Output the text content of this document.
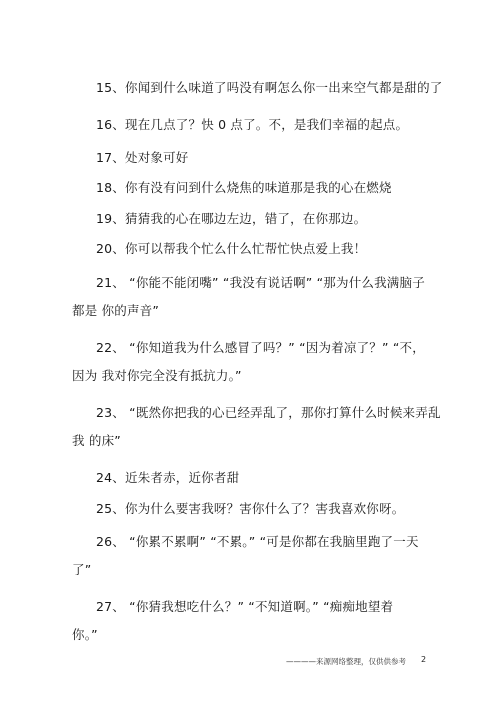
15、你闻到什么味道了吗没有啊怎么你一出来空气都是甜的了
16、现在几点了？快 0 点了。不，是我们幸福的起点。
17、处对象可好
18、你有没有问到什么烧焦的味道那是我的心在燃烧
19、猜猜我的心在哪边左边，错了，在你那边。
20、你可以帮我个忙么什么忙帮忙快点爱上我！
21、 “你能不能闭嘴” “我没有说话啊” “那为什么我满脑子
都是 你的声音”
22、 “你知道我为什么感冒了吗？” “因为着凉了？” “不，
因为 我对你完全没有抵抗力。”
23、 “既然你把我的心已经弄乱了，那你打算什么时候来弄乱
我 的床”
24、近朱者赤，近你者甜
25、你为什么要害我呀？害你什么了？害我喜欢你呀。
26、 “你累不累啊” “不累。” “可是你都在我脑里跑了一天
了”
27、 “你猜我想吃什么？” “不知道啊。” “痴痴地望着
你。”
————来源网络整理，仅供供参考 2
